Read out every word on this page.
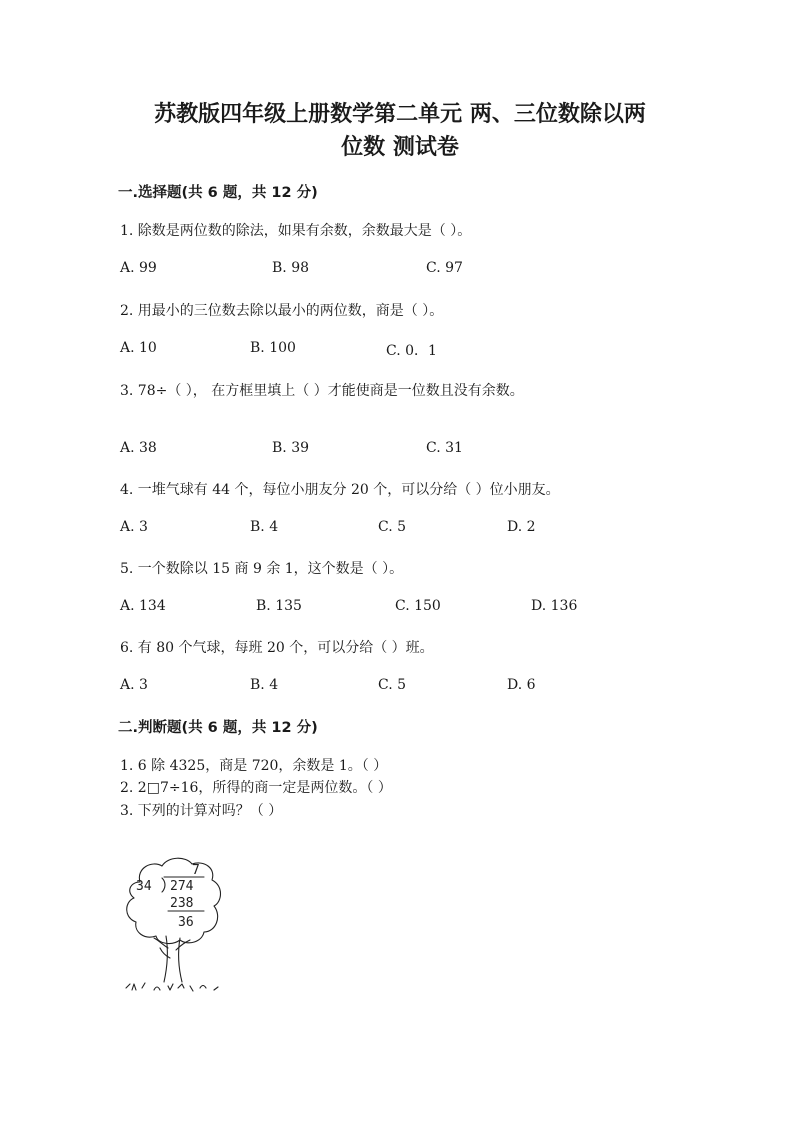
苏教版四年级上册数学第二单元 两、三位数除以两
位数 测试卷
一.选择题(共 6 题，共 12 分)
1. 除数是两位数的除法，如果有余数，余数最大是（ ）。
A. 99	B. 98	C. 97
2. 用最小的三位数去除以最小的两位数，商是（ ）。
A. 10	B. 100	C. 0．1
3. 78÷（ ）， 在方框里填上（ ）才能使商是一位数且没有余数。
A. 38	B. 39	C. 31
4. 一堆气球有 44 个，每位小朋友分 20 个，可以分给（ ）位小朋友。
A. 3	B. 4	C. 5	D. 2
5. 一个数除以 15 商 9 余 1，这个数是（ ）。
A. 134	B. 135	C. 150	D. 136
6. 有 80 个气球，每班 20 个，可以分给（ ）班。
A. 3	B. 4	C. 5	D. 6
二.判断题(共 6 题，共 12 分)
1. 6 除 4325，商是 720，余数是 1。（ ）
2. 2□7÷16，所得的商一定是两位数。（ ）
3. 下列的计算对吗？（ ）
7
34 274
238
36
